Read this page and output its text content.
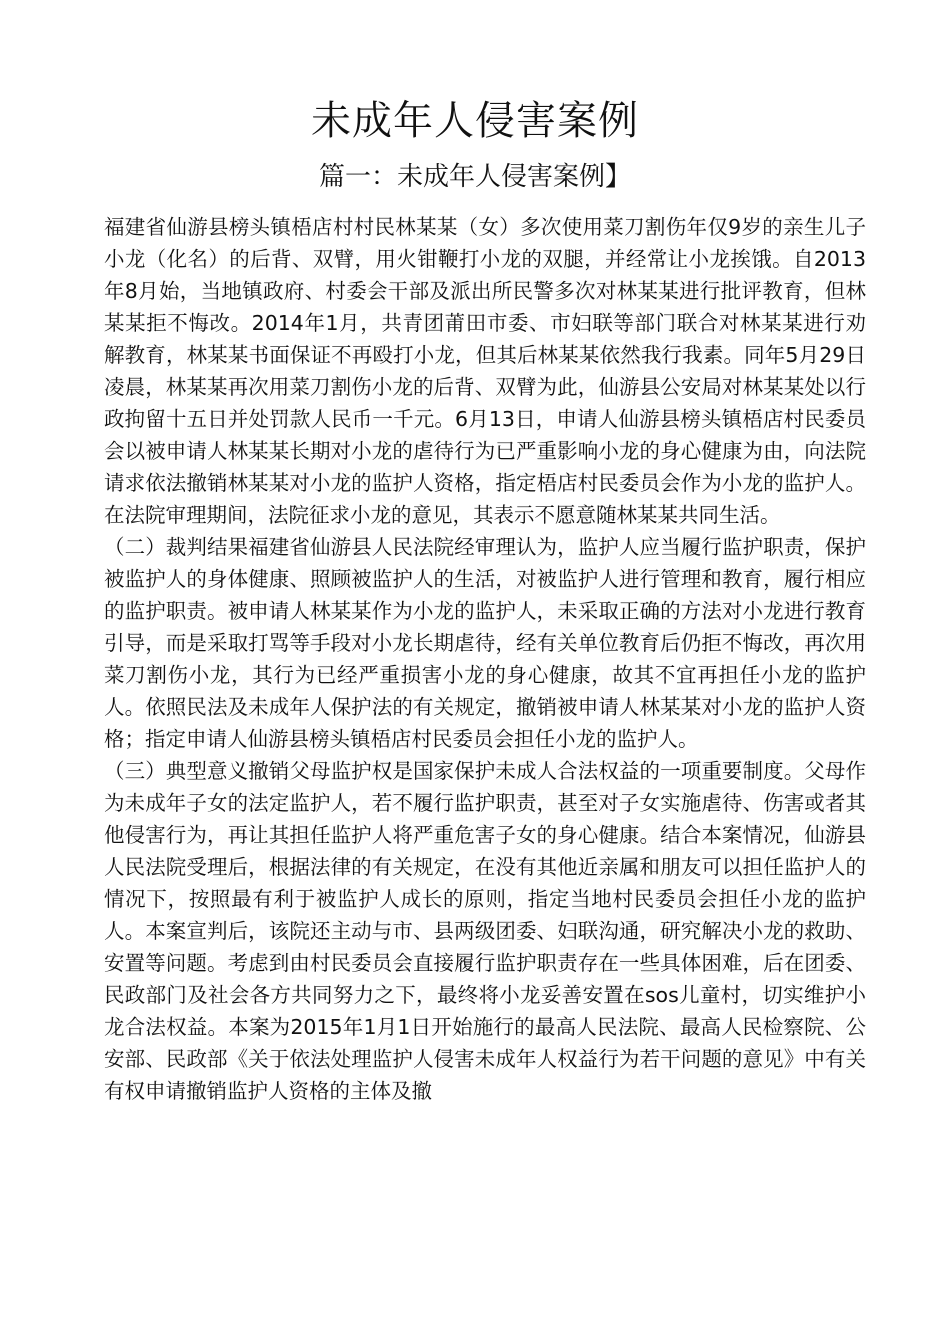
未成年人侵害案例
篇一：未成年人侵害案例】

福建省仙游县榜头镇梧店村村民林某某（女）多次使用菜刀割伤年仅9岁的亲生儿子小龙（化名）的后背、双臂，用火钳鞭打小龙的双腿，并经常让小龙挨饿。自2013年8月始，当地镇政府、村委会干部及派出所民警多次对林某某进行批评教育，但林某某拒不悔改。2014年1月，共青团莆田市委、市妇联等部门联合对林某某进行劝解教育，林某某书面保证不再殴打小龙，但其后林某某依然我行我素。同年5月29日凌晨，林某某再次用菜刀割伤小龙的后背、双臂为此，仙游县公安局对林某某处以行政拘留十五日并处罚款人民币一千元。6月13日，申请人仙游县榜头镇梧店村民委员会以被申请人林某某长期对小龙的虐待行为已严重影响小龙的身心健康为由，向法院请求依法撤销林某某对小龙的监护人资格，指定梧店村民委员会作为小龙的监护人。在法院审理期间，法院征求小龙的意见，其表示不愿意随林某某共同生活。

（二）裁判结果福建省仙游县人民法院经审理认为，监护人应当履行监护职责，保护被监护人的身体健康、照顾被监护人的生活，对被监护人进行管理和教育，履行相应的监护职责。被申请人林某某作为小龙的监护人，未采取正确的方法对小龙进行教育引导，而是采取打骂等手段对小龙长期虐待，经有关单位教育后仍拒不悔改，再次用菜刀割伤小龙，其行为已经严重损害小龙的身心健康，故其不宜再担任小龙的监护人。依照民法及未成年人保护法的有关规定，撤销被申请人林某某对小龙的监护人资格；指定申请人仙游县榜头镇梧店村民委员会担任小龙的监护人。

（三）典型意义撤销父母监护权是国家保护未成人合法权益的一项重要制度。父母作为未成年子女的法定监护人，若不履行监护职责，甚至对子女实施虐待、伤害或者其他侵害行为，再让其担任监护人将严重危害子女的身心健康。结合本案情况，仙游县人民法院受理后，根据法律的有关规定，在没有其他近亲属和朋友可以担任监护人的情况下，按照最有利于被监护人成长的原则，指定当地村民委员会担任小龙的监护人。本案宣判后，该院还主动与市、县两级团委、妇联沟通，研究解决小龙的救助、安置等问题。考虑到由村民委员会直接履行监护职责存在一些具体困难，后在团委、民政部门及社会各方共同努力之下，最终将小龙妥善安置在sos儿童村，切实维护小龙合法权益。本案为2015年1月1日开始施行的最高人民法院、最高人民检察院、公安部、民政部《关于依法处理监护人侵害未成年人权益行为若干问题的意见》中有关有权申请撤销监护人资格的主体及撤
